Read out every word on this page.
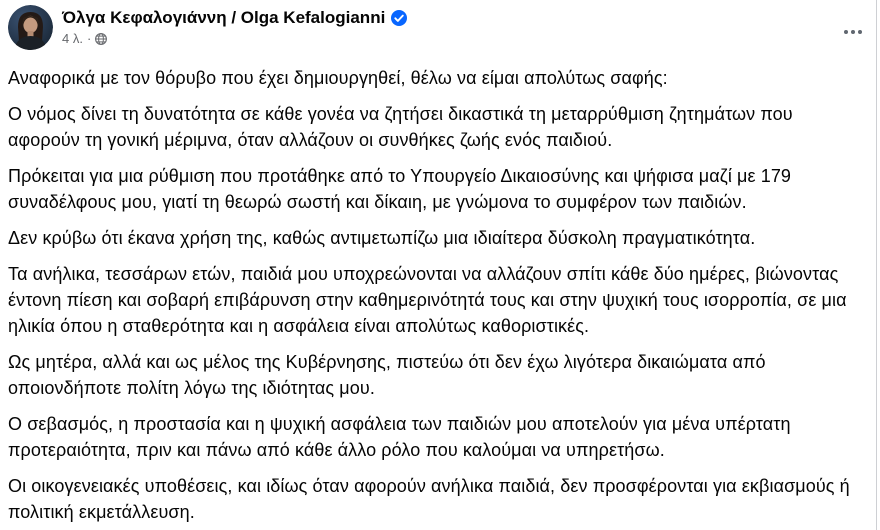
Όλγα Κεφαλογιάννη / Olga Kefalogianni
4 λ. ·

Αναφορικά με τον θόρυβο που έχει δημιουργηθεί, θέλω να είμαι απολύτως σαφής:

Ο νόμος δίνει τη δυνατότητα σε κάθε γονέα να ζητήσει δικαστικά τη μεταρρύθμιση ζητημάτων που αφορούν τη γονική μέριμνα, όταν αλλάζουν οι συνθήκες ζωής ενός παιδιού.

Πρόκειται για μια ρύθμιση που προτάθηκε από το Υπουργείο Δικαιοσύνης και ψήφισα μαζί με 179 συναδέλφους μου, γιατί τη θεωρώ σωστή και δίκαιη, με γνώμονα το συμφέρον των παιδιών.

Δεν κρύβω ότι έκανα χρήση της, καθώς αντιμετωπίζω μια ιδιαίτερα δύσκολη πραγματικότητα.

Τα ανήλικα, τεσσάρων ετών, παιδιά μου υποχρεώνονται να αλλάζουν σπίτι κάθε δύο ημέρες, βιώνοντας έντονη πίεση και σοβαρή επιβάρυνση στην καθημερινότητά τους και στην ψυχική τους ισορροπία, σε μια ηλικία όπου η σταθερότητα και η ασφάλεια είναι απολύτως καθοριστικές.

Ως μητέρα, αλλά και ως μέλος της Κυβέρνησης, πιστεύω ότι δεν έχω λιγότερα δικαιώματα από οποιονδήποτε πολίτη λόγω της ιδιότητας μου.

Ο σεβασμός, η προστασία και η ψυχική ασφάλεια των παιδιών μου αποτελούν για μένα υπέρτατη προτεραιότητα, πριν και πάνω από κάθε άλλο ρόλο που καλούμαι να υπηρετήσω.

Οι οικογενειακές υποθέσεις, και ιδίως όταν αφορούν ανήλικα παιδιά, δεν προσφέρονται για εκβιασμούς ή πολιτική εκμετάλλευση.
